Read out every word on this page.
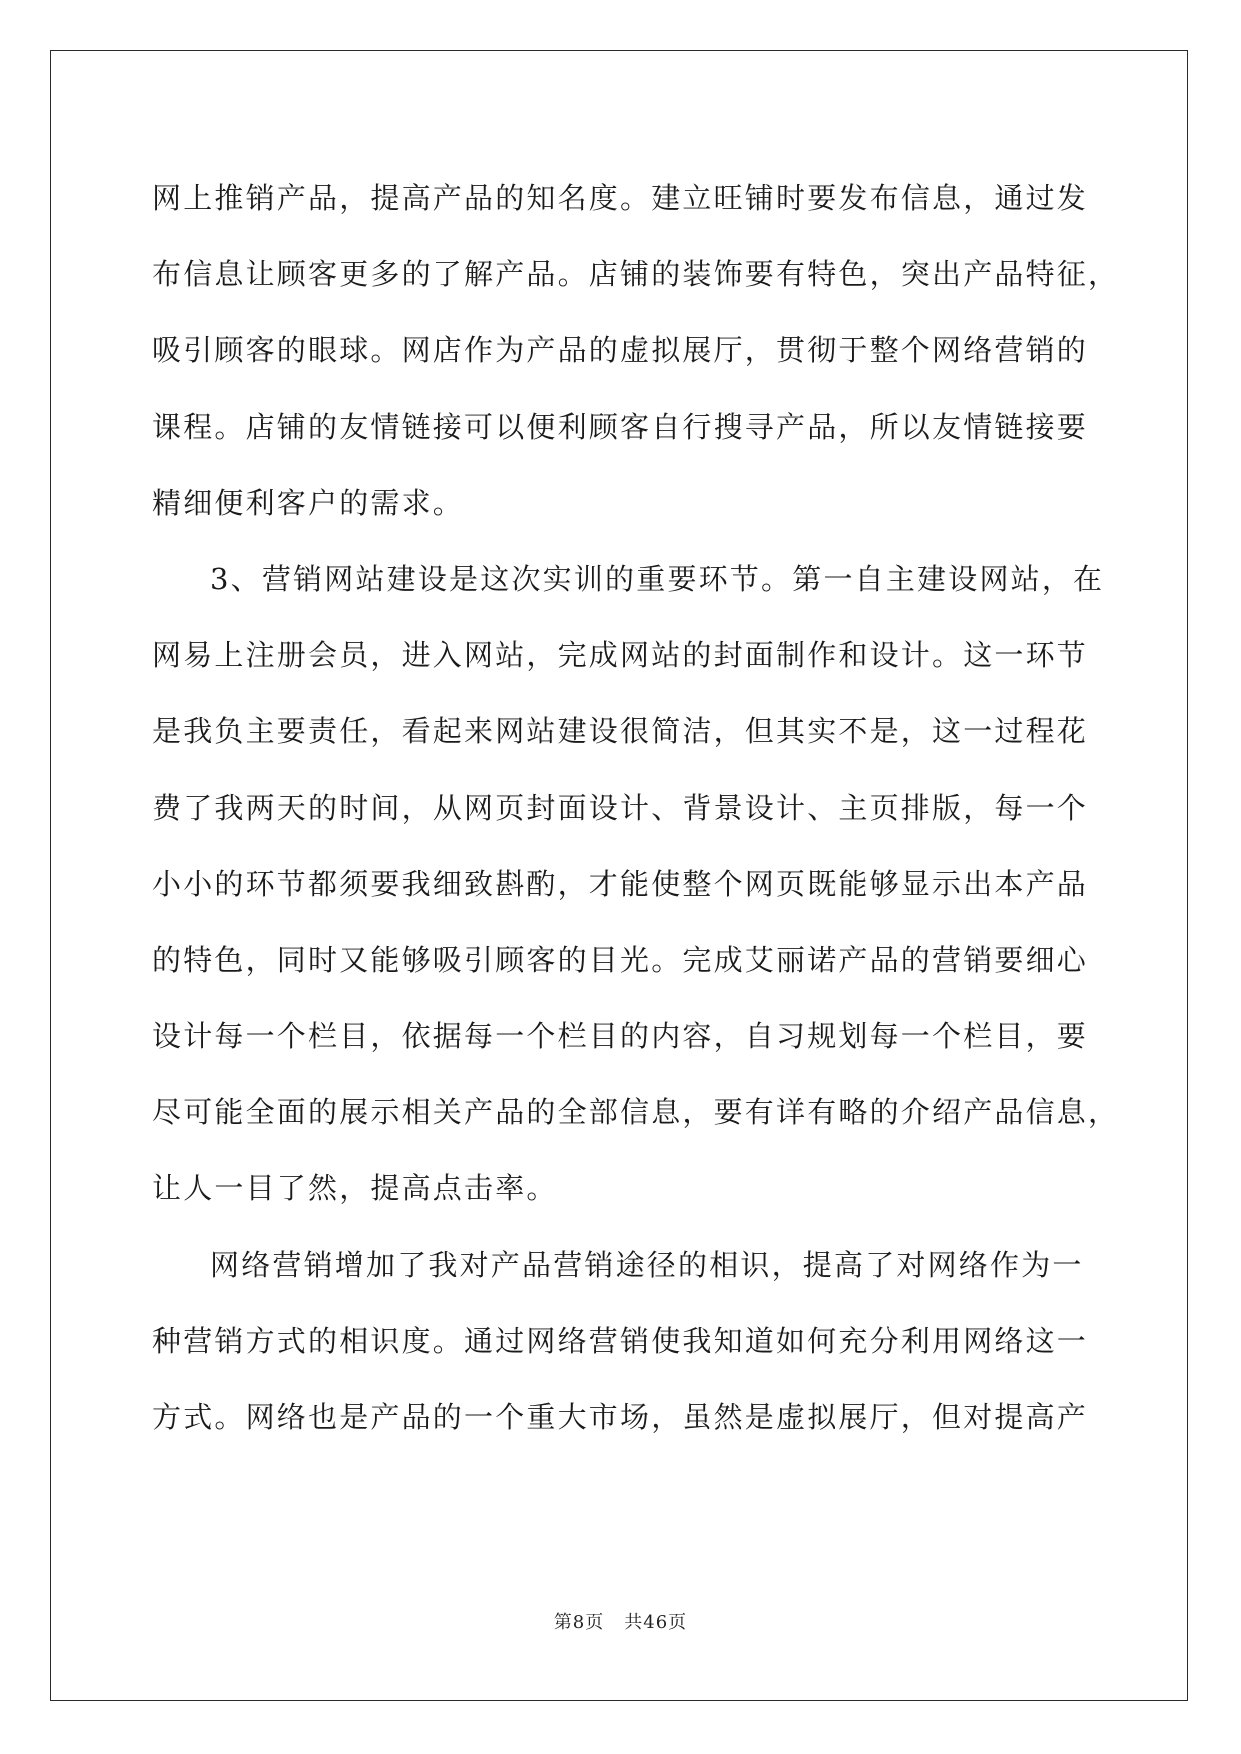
网上推销产品，提高产品的知名度。建立旺铺时要发布信息，通过发
布信息让顾客更多的了解产品。店铺的装饰要有特色，突出产品特征，
吸引顾客的眼球。网店作为产品的虚拟展厅，贯彻于整个网络营销的
课程。店铺的友情链接可以便利顾客自行搜寻产品，所以友情链接要
精细便利客户的需求。
3、营销网站建设是这次实训的重要环节。第一自主建设网站，在
网易上注册会员，进入网站，完成网站的封面制作和设计。这一环节
是我负主要责任，看起来网站建设很简洁，但其实不是，这一过程花
费了我两天的时间，从网页封面设计、背景设计、主页排版，每一个
小小的环节都须要我细致斟酌，才能使整个网页既能够显示出本产品
的特色，同时又能够吸引顾客的目光。完成艾丽诺产品的营销要细心
设计每一个栏目，依据每一个栏目的内容，自习规划每一个栏目，要
尽可能全面的展示相关产品的全部信息，要有详有略的介绍产品信息，
让人一目了然，提高点击率。
网络营销增加了我对产品营销途径的相识，提高了对网络作为一
种营销方式的相识度。通过网络营销使我知道如何充分利用网络这一
方式。网络也是产品的一个重大市场，虽然是虚拟展厅，但对提高产
第8页 共46页
